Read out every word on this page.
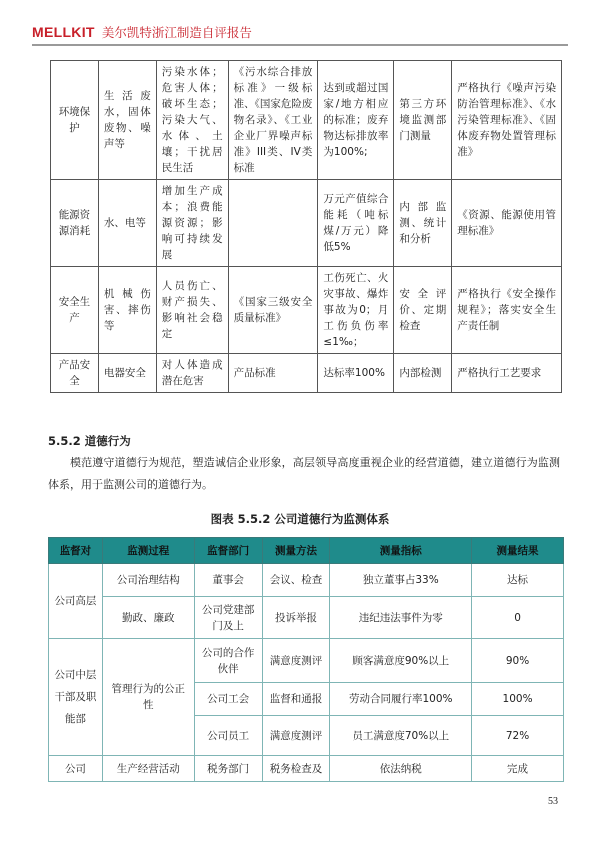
MELLKIT 美尔凯特浙江制造自评报告
环境保护	生活废水，固体废物、噪声等	污染水体；危害人体；破坏生态；污染大气、水体、土壤；干扰居民生活	《污水综合排放标准》一级标准、《国家危险废物名录》、《工业企业厂界噪声标准》III类、IV类标准	达到或超过国家/地方相应的标准；废弃物达标排放率为100%;	第三方环境监测部门测量	严格执行《噪声污染防治管理标准》、《水污染管理标准》、《固体废弃物处置管理标准》
能源资源消耗	水、电等	增加生产成本；浪费能源资源；影响可持续发展		万元产值综合能耗（吨标煤/万元）降低5%	内部监测、统计和分析	《资源、能源使用管理标准》
安全生产	机械伤害、摔伤等	人员伤亡、财产损失、影响社会稳定	《国家三级安全质量标准》	工伤死亡、火灾事故、爆炸事故为0；月工伤负伤率≤1‰；	安全评价、定期检查	严格执行《安全操作规程》；落实安全生产责任制
产品安全	电器安全	对人体造成潜在危害	产品标准	达标率100%	内部检测	严格执行工艺要求
5.5.2 道德行为
模范遵守道德行为规范，塑造诚信企业形象，高层领导高度重视企业的经营道德，建立道德行为监测体系，用于监测公司的道德行为。
图表 5.5.2 公司道德行为监测体系
监督对	监测过程	监督部门	测量方法	测量指标	测量结果
公司高层	公司治理结构	董事会	会议、检查	独立董事占33%	达标
	勤政、廉政	公司党建部门及上	投诉举报	违纪违法事件为零	0
公司中层干部及职能部	管理行为的公正性	公司的合作伙伴	满意度测评	顾客满意度90%以上	90%
		公司工会	监督和通报	劳动合同履行率100%	100%
		公司员工	满意度测评	员工满意度70%以上	72%
公司	生产经营活动	税务部门	税务检查及	依法纳税	完成
53
